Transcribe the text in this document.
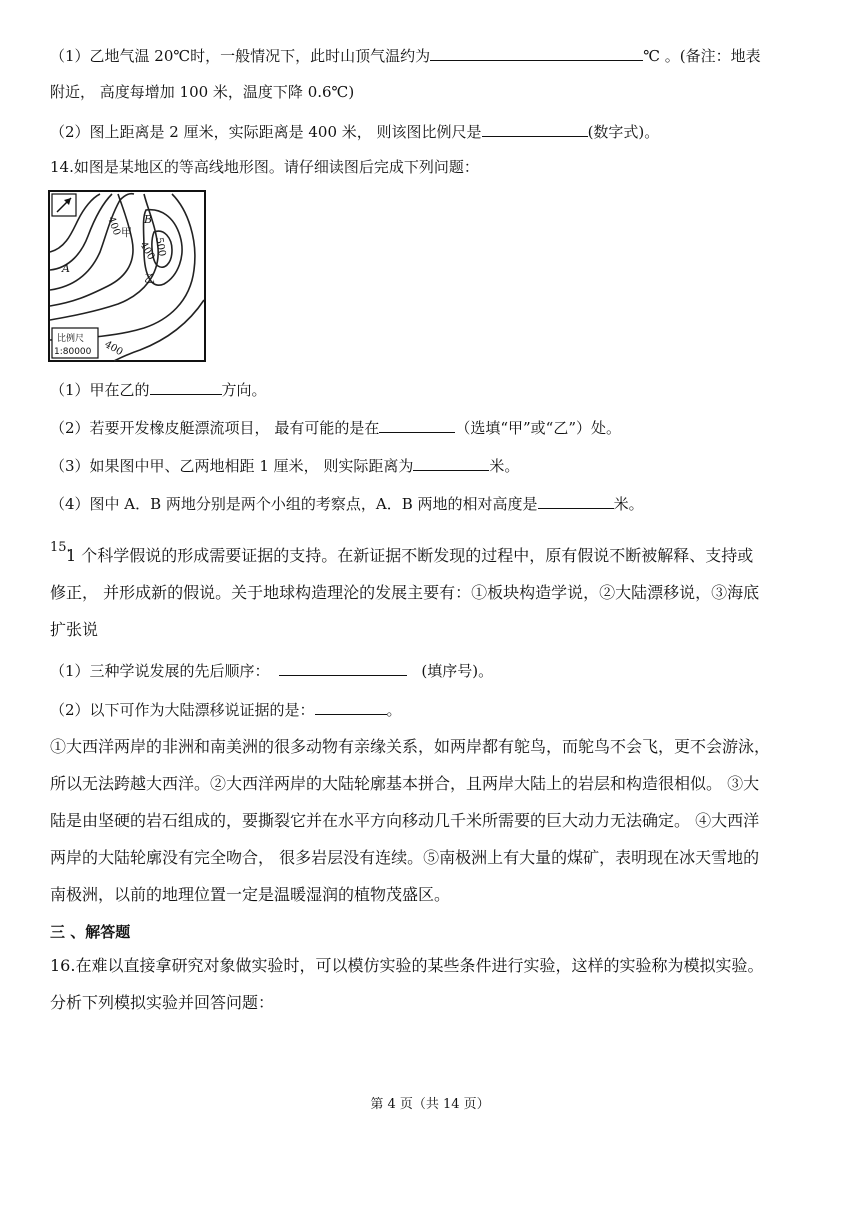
（1）乙地气温 20℃时，一般情况下，此时山顶气温约为	℃ 。(备注：地表
附近， 高度每增加 100 米，温度下降 0.6℃)
（2）图上距离是 2 厘米，实际距离是 400 米， 则该图比例尺是	(数字式)。
14.如图是某地区的等高线地形图。请仔细读图后完成下列问题：
A
B
甲
乙
400
500
400
400
比例尺
1:80000
（1）甲在乙的	方向。
（2）若要开发橡皮艇漂流项目， 最有可能的是在	（选填“甲”或“乙”）处。
（3）如果图中甲、乙两地相距 1 厘米， 则实际距离为	米。
（4）图中 A．B 两地分别是两个小组的考察点，A．B 两地的相对高度是	米。
15.
1 个科学假说的形成需要证据的支持。在新证据不断发现的过程中，原有假说不断被解释、支持或
修正， 并形成新的假说。关于地球构造理沦的发展主要有：①板块构造学说，②大陆漂移说，③海底
扩张说
（1）三种学说发展的先后顺序：	(填序号)。
（2）以下可作为大陆漂移说证据的是：	。
①大西洋两岸的非洲和南美洲的很多动物有亲缘关系，如两岸都有鸵鸟，而鸵鸟不会飞，更不会游泳，
所以无法跨越大西洋。②大西洋两岸的大陆轮廓基本拼合，且两岸大陆上的岩层和构造很相似。 ③大
陆是由坚硬的岩石组成的，要撕裂它并在水平方向移动几千米所需要的巨大动力无法确定。 ④大西洋
两岸的大陆轮廓没有完全吻合， 很多岩层没有连续。⑤南极洲上有大量的煤矿，表明现在冰天雪地的
南极洲，以前的地理位置一定是温暖湿润的植物茂盛区。
三 、解答题
16.在难以直接拿研究对象做实验时，可以模仿实验的某些条件进行实验，这样的实验称为模拟实验。
分析下列模拟实验并回答问题：
第 4 页（共 14 页）
